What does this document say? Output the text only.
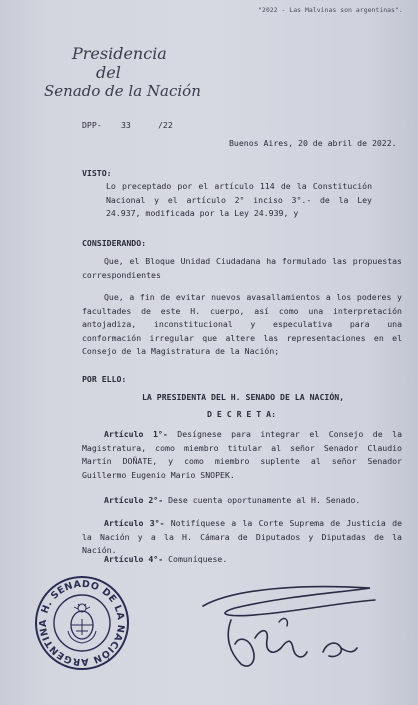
"2022 - Las Malvinas son argentinas".
Presidencia
del
Senado de la Nación
DPP- 33	/22
Buenos Aires, 20 de abril de 2022.
VISTO:
Lo preceptado por el artículo 114 de la Constitución Nacional y el artículo 2° inciso 3°.- de la Ley 24.937, modificada por la Ley 24.939, y
CONSIDERANDO:
Que, el Bloque Unidad Ciudadana ha formulado las propuestas correspondientes
Que, a fin de evitar nuevos avasallamientos a los poderes y facultades de este H. cuerpo, así como una interpretación antojadiza, inconstitucional y especulativa para una conformación irregular que altere las representaciones en el Consejo de la Magistratura de la Nación;
POR ELLO:
LA PRESIDENTA DEL H. SENADO DE LA NACIÓN,
D E C R E T A:
Artículo 1°- Desígnese para integrar el Consejo de la Magistratura, como miembro titular al señor Senador Claudio Martín DOÑATE, y como miembro suplente al señor Senador Guillermo Eugenio Mario SNOPEK.
Artículo 2°- Dese cuenta oportunamente al H. Senado.
Artículo 3°- Notifíquese a la Corte Suprema de Justicia de la Nación y a la H. Cámara de Diputados y Diputadas de la Nación.
Artículo 4°- Comuníquese.
H. SENADO DE LA NACIÓN ARGENTINA
